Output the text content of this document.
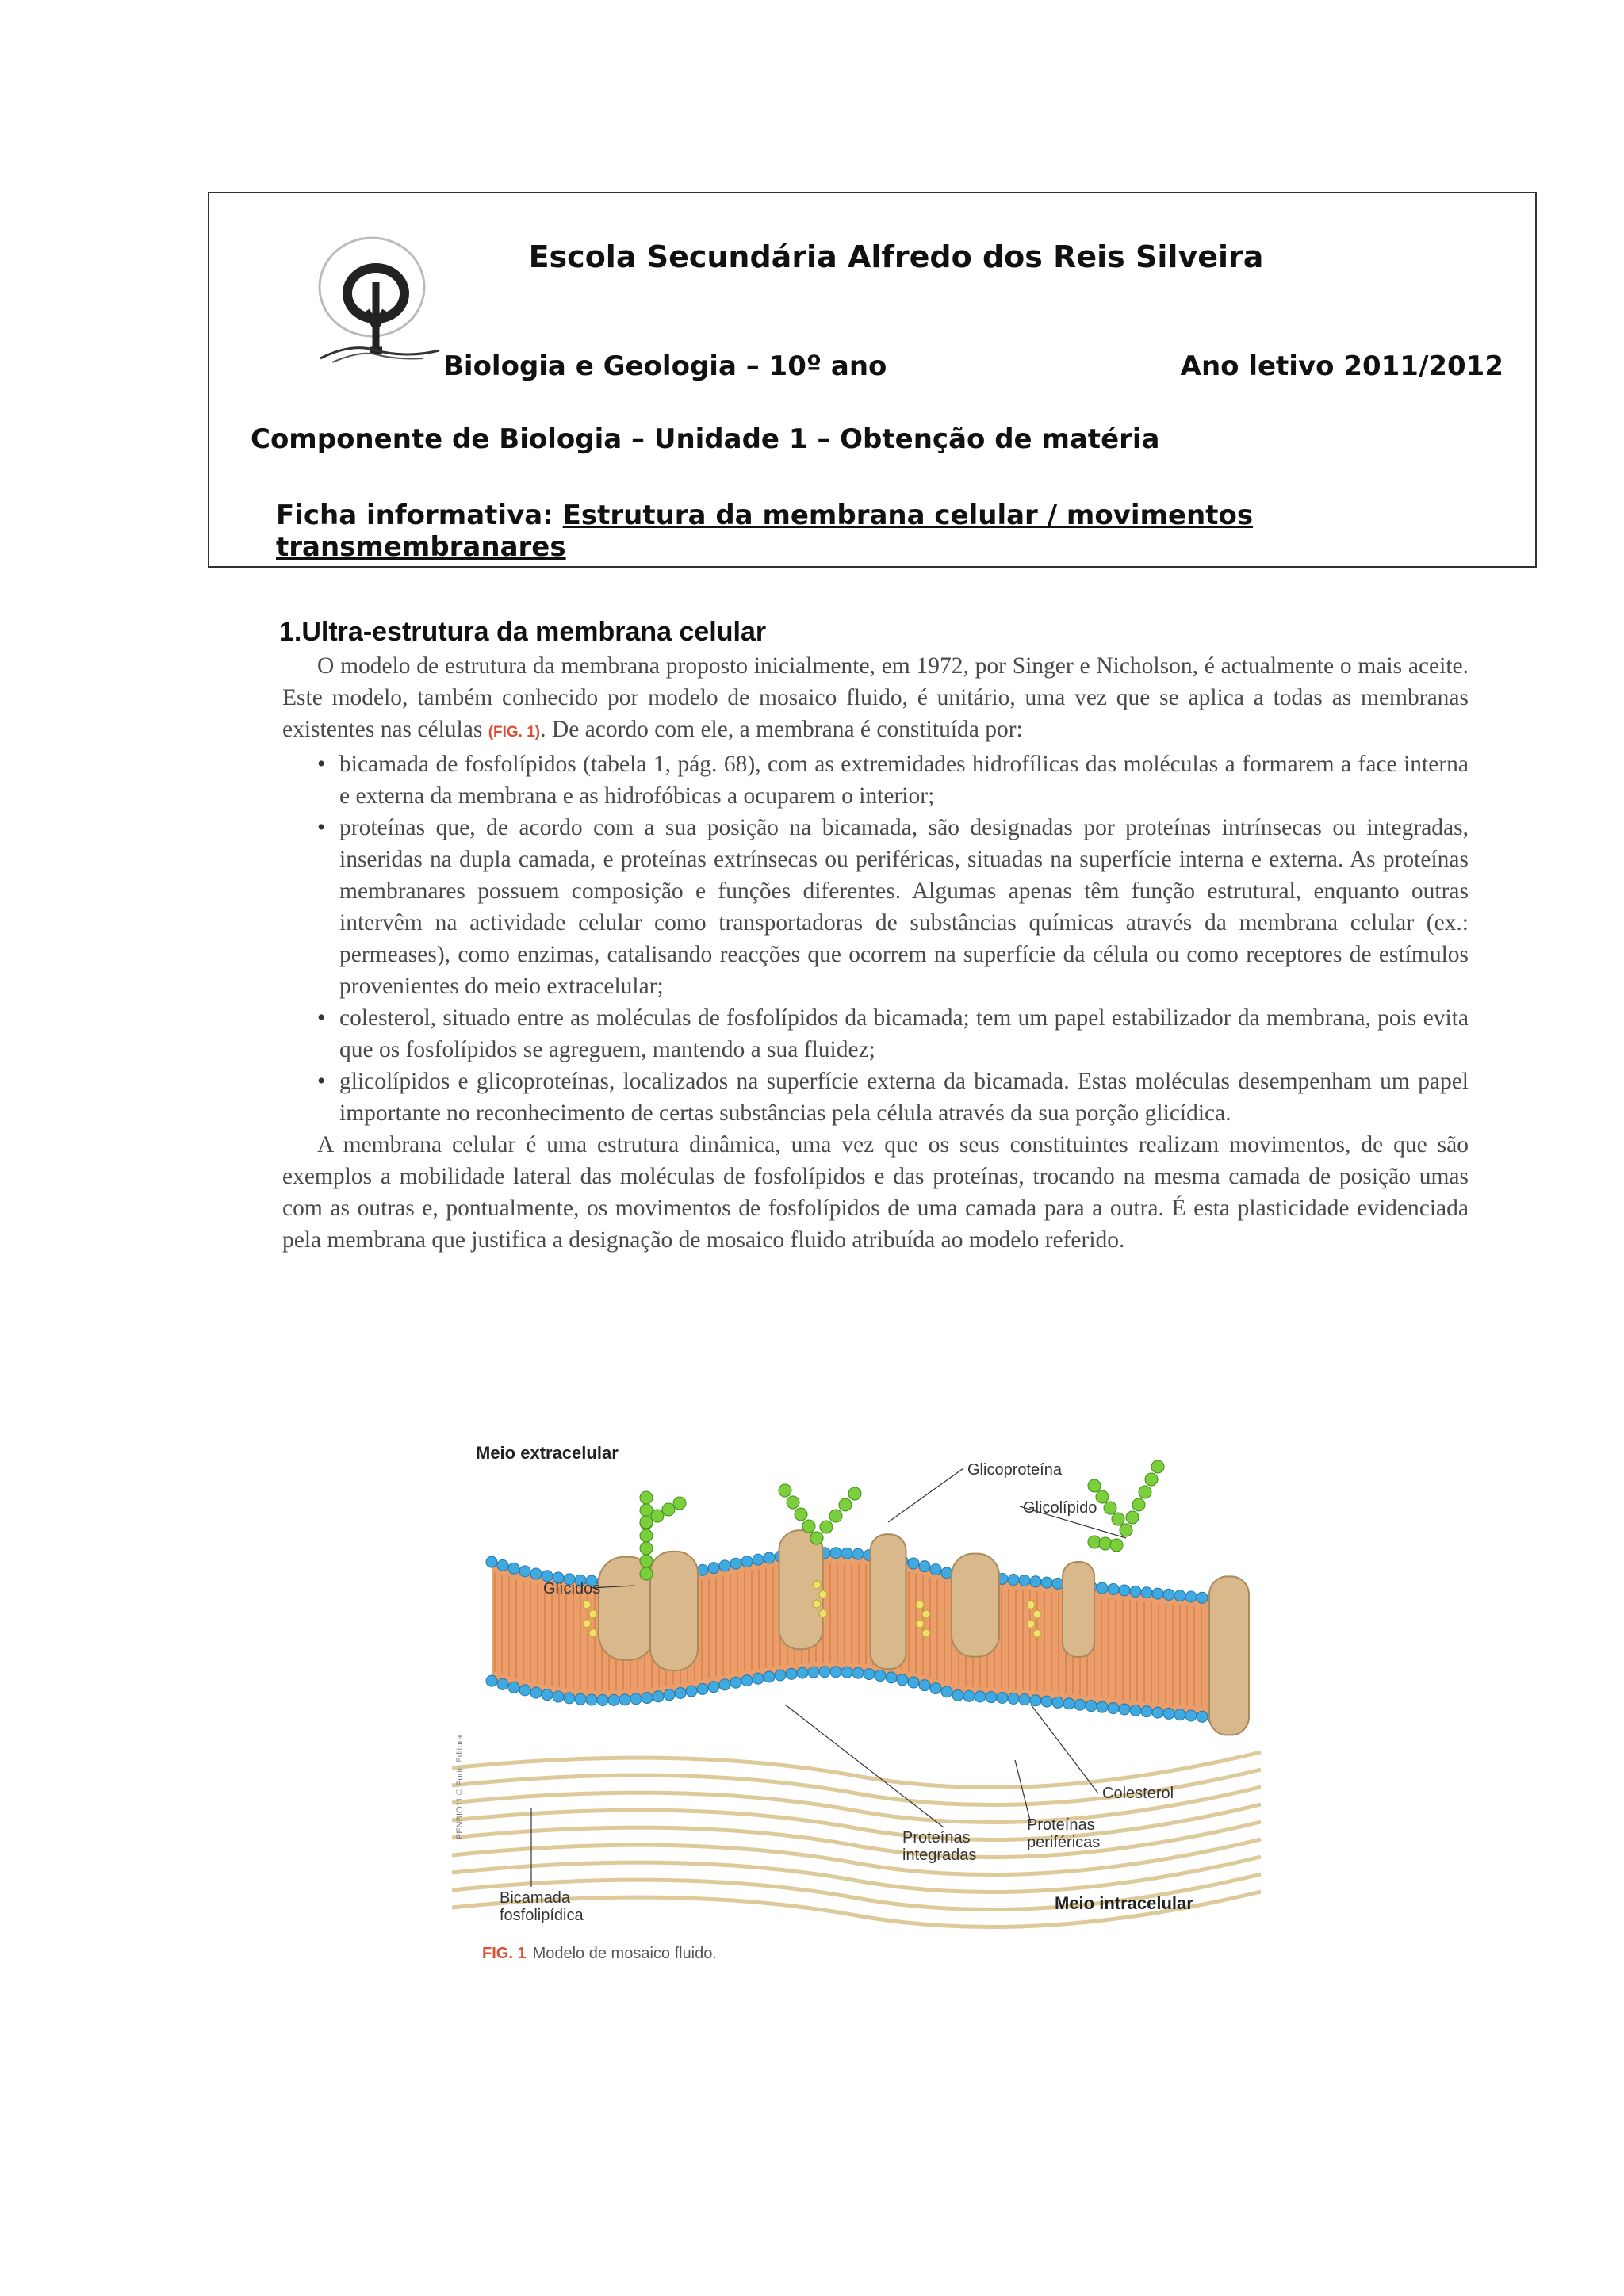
Escola Secundária Alfredo dos Reis Silveira
Biologia e Geologia – 10º ano	Ano letivo 2011/2012
Componente de Biologia – Unidade 1 – Obtenção de matéria
Ficha informativa: Estrutura da membrana celular / movimentos transmembranares
1.Ultra-estrutura da membrana celular

O modelo de estrutura da membrana proposto inicialmente, em 1972, por Singer e Nicholson, é actualmente o mais aceite. Este modelo, também conhecido por modelo de mosaico fluido, é unitário, uma vez que se aplica a todas as membranas existentes nas células (FIG. 1). De acordo com ele, a membrana é constituída por:

• bicamada de fosfolípidos (tabela 1, pág. 68), com as extremidades hidrofílicas das moléculas a formarem a face interna e externa da membrana e as hidrofóbicas a ocuparem o interior;
• proteínas que, de acordo com a sua posição na bicamada, são designadas por proteínas intrínsecas ou integradas, inseridas na dupla camada, e proteínas extrínsecas ou periféricas, situadas na superfície interna e externa. As proteínas membranares possuem composição e funções diferentes. Algumas apenas têm função estrutural, enquanto outras intervêm na actividade celular como transportadoras de substâncias químicas através da membrana celular (ex.: permeases), como enzimas, catalisando reacções que ocorrem na superfície da célula ou como receptores de estímulos provenientes do meio extracelular;
• colesterol, situado entre as moléculas de fosfolípidos da bicamada; tem um papel estabilizador da membrana, pois evita que os fosfolípidos se agreguem, mantendo a sua fluidez;
• glicolípidos e glicoproteínas, localizados na superfície externa da bicamada. Estas moléculas desempenham um papel importante no reconhecimento de certas substâncias pela célula através da sua porção glicídica.

A membrana celular é uma estrutura dinâmica, uma vez que os seus constituintes realizam movimentos, de que são exemplos a mobilidade lateral das moléculas de fosfolípidos e das proteínas, trocando na mesma camada de posição umas com as outras e, pontualmente, os movimentos de fosfolípidos de uma camada para a outra. É esta plasticidade evidenciada pela membrana que justifica a designação de mosaico fluido atribuída ao modelo referido.

Meio extracelular
Glicoproteína
Glicolípido
Glícidos
Colesterol
Proteínas
integradas
Proteínas
periféricas
Bicamada
fosfolipídica
Meio intracelular
PENBIO11 © Porto Editora
FIG. 1 Modelo de mosaico fluido.
